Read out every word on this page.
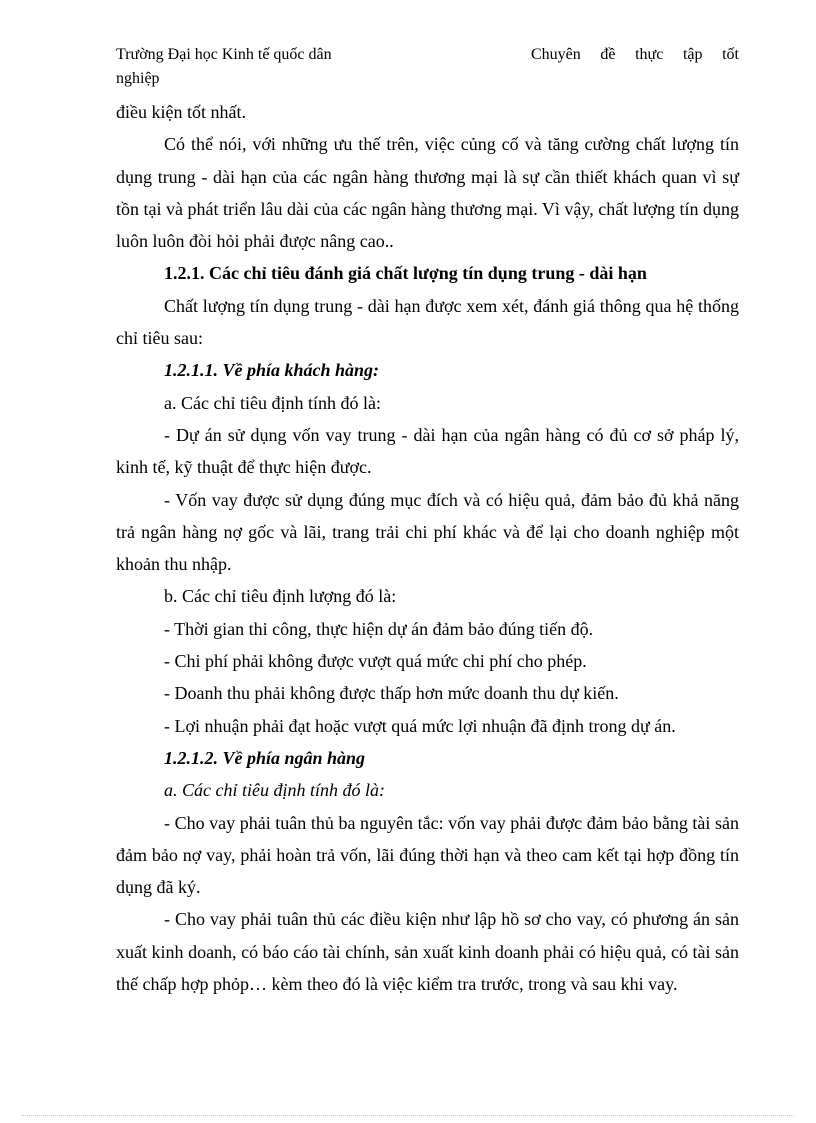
Trường Đại học Kinh tế quốc dân	Chuyên đề thực tập tốt
nghiệp

điều kiện tốt nhất.

Có thể nói, với những ưu thế trên, việc củng cố và tăng cường chất lượng tín dụng trung - dài hạn của các ngân hàng thương mại là sự cần thiết khách quan vì sự tồn tại và phát triển lâu dài của các ngân hàng thương mại. Vì vậy, chất lượng tín dụng luôn luôn đòi hỏi phải được nâng cao..

1.2.1. Các chỉ tiêu đánh giá chất lượng tín dụng trung - dài hạn

Chất lượng tín dụng trung - dài hạn được xem xét, đánh giá thông qua hệ thống chỉ tiêu sau:

1.2.1.1. Về phía khách hàng:

a. Các chỉ tiêu định tính đó là:

- Dự án sử dụng vốn vay trung - dài hạn của ngân hàng có đủ cơ sở pháp lý, kinh tế, kỹ thuật để thực hiện được.

- Vốn vay được sử dụng đúng mục đích và có hiệu quả, đảm bảo đủ khả năng trả ngân hàng nợ gốc và lãi, trang trải chi phí khác và để lại cho doanh nghiệp một khoản thu nhập.

b. Các chỉ tiêu định lượng đó là:

- Thời gian thi công, thực hiện dự án đảm bảo đúng tiến độ.

- Chi phí phải không được vượt quá mức chi phí cho phép.

- Doanh thu phải không được thấp hơn mức doanh thu dự kiến.

- Lợi nhuận phải đạt hoặc vượt quá mức lợi nhuận đã định trong dự án.

1.2.1.2. Về phía ngân hàng

a. Các chỉ tiêu định tính đó là:

- Cho vay phải tuân thủ ba nguyên tắc: vốn vay phải được đảm bảo bằng tài sản đảm bảo nợ vay, phải hoàn trả vốn, lãi đúng thời hạn và theo cam kết tại hợp đồng tín dụng đã ký.

- Cho vay phải tuân thủ các điều kiện như lập hồ sơ cho vay, có phương án sản xuất kinh doanh, có báo cáo tài chính, sản xuất kinh doanh phải có hiệu quả, có tài sản thế chấp hợp phỏp… kèm theo đó là việc kiểm tra trước, trong và sau khi vay.
